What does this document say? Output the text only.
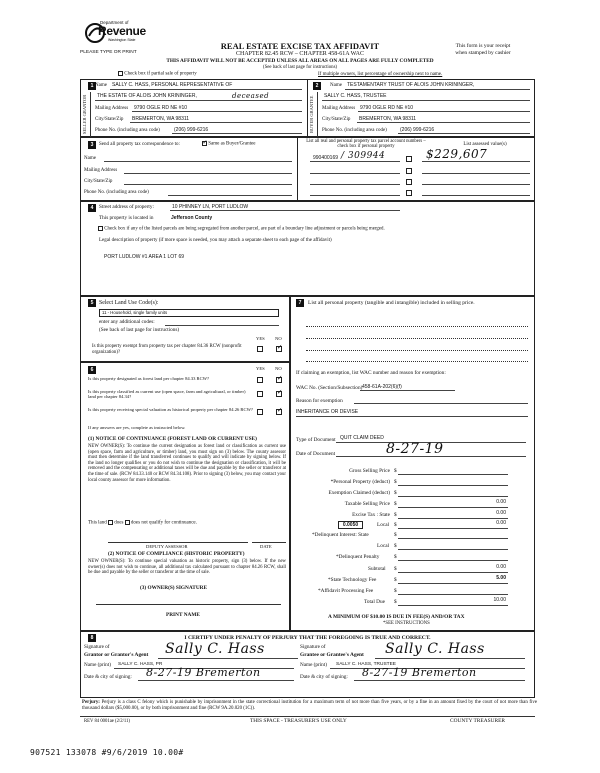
Department of
Revenue
Washington State
PLEASE TYPE OR PRINT
REAL ESTATE EXCISE TAX AFFIDAVIT
CHAPTER 82.45 RCW – CHAPTER 458-61A WAC
THIS AFFIDAVIT WILL NOT BE ACCEPTED UNLESS ALL AREAS ON ALL PAGES ARE FULLY COMPLETED
(See back of last page for instructions)
This form is your receipt
when stamped by cashier
Check box if partial sale of property	If multiple owners, list percentage of ownership next to name.
1
SELLER GRANTOR
Name SALLY C. HASS, PERSONAL REPRESENTATIVE OF
THE ESTATE OF ALOIS JOHN KRININGER,	deceased
Mailing Address 9790 OGLE RD NE #10
City/State/Zip BREMERTON, WA 98311
Phone No. (including area code)	(206) 999-6216
2
BUYER GRANTEE
Name TESTAMENTARY TRUST OF ALOIS JOHN KRININGER,
SALLY C. HASS, TRUSTEE
Mailing Address 9790 OGLE RD NE #10
City/State/Zip BREMERTON, WA 98311
Phone No. (including area code)	(206) 999-6216
3	Send all property tax correspondence to:
✓	Same as Buyer/Grantee
Name
Mailing Address
City/State/Zip
Phone No. (including area code)
List all real and personal property tax parcel account numbers – check box if personal property	List assessed value(s)
990400169 / 309944	$229,607
4	Street address of property:	10 PHINNEY LN, PORT LUDLOW
This property is located in	Jefferson County
Check box if any of the listed parcels are being segregated from another parcel, are part of a boundary line adjustment or parcels being merged.
Legal description of property (if more space is needed, you may attach a separate sheet to each page of the affidavit)
PORT LUDLOW #1 AREA 1 LOT 69
5 Select Land Use Code(s):
11 - Household, single family units
enter any additional codes:
(See back of last page for instructions)
YES NO
Is this property exempt from property tax per chapter 84.36 RCW (nonprofit organization)?
✓
6	YES NO
Is this property designated as forest land per chapter 84.33 RCW?
✓
Is this property classified as current use (open space, farm and agricultural, or timber) land per chapter 84.34?
✓
Is this property receiving special valuation as historical property per chapter 84.26 RCW?
✓
If any answers are yes, complete as instructed below.
(1) NOTICE OF CONTINUANCE (FOREST LAND OR CURRENT USE)
NEW OWNER(S): To continue the current designation as forest land or classification as current use (open space, farm and agriculture, or timber) land, you must sign on (3) below. The county assessor must then determine if the land transferred continues to qualify and will indicate by signing below. If the land no longer qualifies or you do not wish to continue the designation or classification, it will be removed and the compensating or additional taxes will be due and payable by the seller or transferor at the time of sale. (RCW 84.33.140 or RCW 84.34.108). Prior to signing (3) below, you may contact your local county assessor for more information.
This land does does not qualify for continuance.
DEPUTY ASSESSOR	DATE
(2) NOTICE OF COMPLIANCE (HISTORIC PROPERTY)
NEW OWNER(S): To continue special valuation as historic property, sign (3) below. If the new owner(s) does not wish to continue, all additional tax calculated pursuant to chapter 84.26 RCW, shall be due and payable by the seller or transferor at the time of sale.
(3) OWNER(S) SIGNATURE
PRINT NAME
7	List all personal property (tangible and intangible) included in selling price.
If claiming an exemption, list WAC number and reason for exemption:
WAC No. (Section/Subsection) 458-61A-202(6)(f)
Reason for exemption
INHERITANCE OR DEVISE
Type of Document QUIT CLAIM DEED
Date of Document	8-27-19
Gross Selling Price $
*Personal Property (deduct) $
Exemption Claimed (deduct) $
Taxable Selling Price $	0.00
Excise Tax : State $	0.00
0.0050	Local $	0.00
*Delinquent Interest: State	$
Local $
*Delinquent Penalty	$
Subtotal $	0.00
*State Technology Fee	$	5.00
*Affidavit Processing Fee	$
Total Due $	10.00
A MINIMUM OF $10.00 IS DUE IN FEE(S) AND/OR TAX
*SEE INSTRUCTIONS
8	I CERTIFY UNDER PENALTY OF PERJURY THAT THE FOREGOING IS TRUE AND CORRECT.
Signature of
Grantor or Grantor's Agent Sally C. Hass
Name (print) SALLY C. HASS, PR
Date & city of signing: 8-27-19 Bremerton
Signature of
Grantee or Grantee's Agent Sally C. Hass
Name (print) SALLY C. HASS, TRUSTEE
Date & city of signing: 8-27-19 Bremerton
Perjury: Perjury is a class C felony which is punishable by imprisonment in the state correctional institution for a maximum term of not more than five years, or by a fine in an amount fixed by the court of not more than five thousand dollars ($5,000.00), or by both imprisonment and fine (RCW 9A.20.020 (1C)).
REV 84 0001ae (2/2/11)	THIS SPACE - TREASURER'S USE ONLY	COUNTY TREASURER
907521 133078 #9/6/2019 10.00#
